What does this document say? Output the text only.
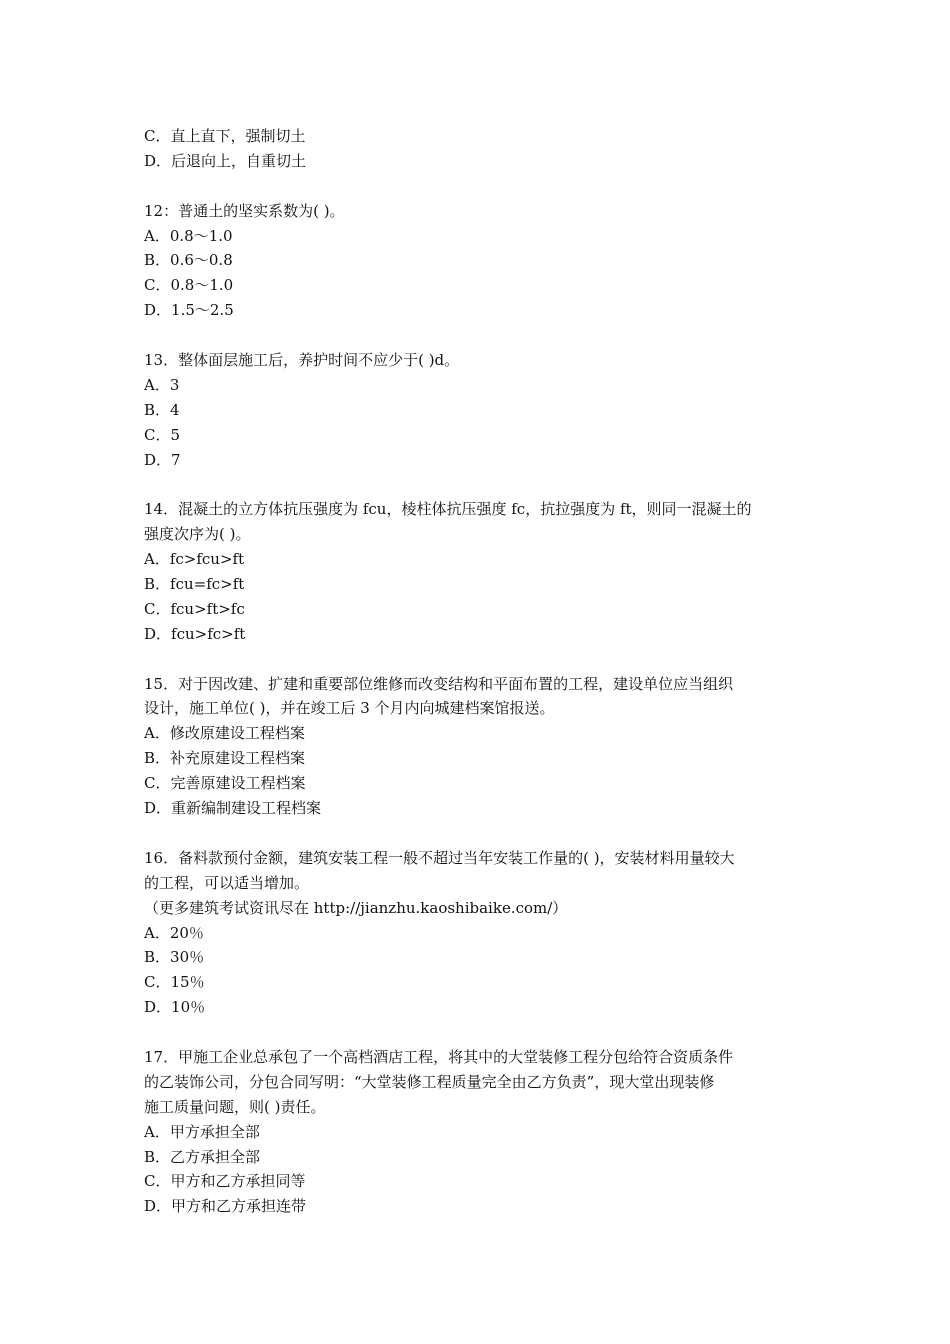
C．直上直下，强制切土
D．后退向上，自重切土
12：普通土的坚实系数为( )。
A．0.8～1.0
B．0.6～0.8
C．0.8～1.0
D．1.5～2.5
13．整体面层施工后，养护时间不应少于( )d。
A．3
B．4
C．5
D．7
14．混凝土的立方体抗压强度为 fcu，棱柱体抗压强度 fc，抗拉强度为 ft，则同一混凝土的
强度次序为( )。
A．fc>fcu>ft
B．fcu=fc>ft
C．fcu>ft>fc
D．fcu>fc>ft
15．对于因改建、扩建和重要部位维修而改变结构和平面布置的工程，建设单位应当组织
设计，施工单位( )，并在竣工后 3 个月内向城建档案馆报送。
A．修改原建设工程档案
B．补充原建设工程档案
C．完善原建设工程档案
D．重新编制建设工程档案
16．备料款预付金额，建筑安装工程一般不超过当年安装工作量的( )，安装材料用量较大
的工程，可以适当增加。
（更多建筑考试资讯尽在 http://jianzhu.kaoshibaike.com/）
A．20％
B．30％
C．15％
D．10％
17．甲施工企业总承包了一个高档酒店工程，将其中的大堂装修工程分包给符合资质条件
的乙装饰公司，分包合同写明：“大堂装修工程质量完全由乙方负责”，现大堂出现装修
施工质量问题，则( )责任。
A．甲方承担全部
B．乙方承担全部
C．甲方和乙方承担同等
D．甲方和乙方承担连带
